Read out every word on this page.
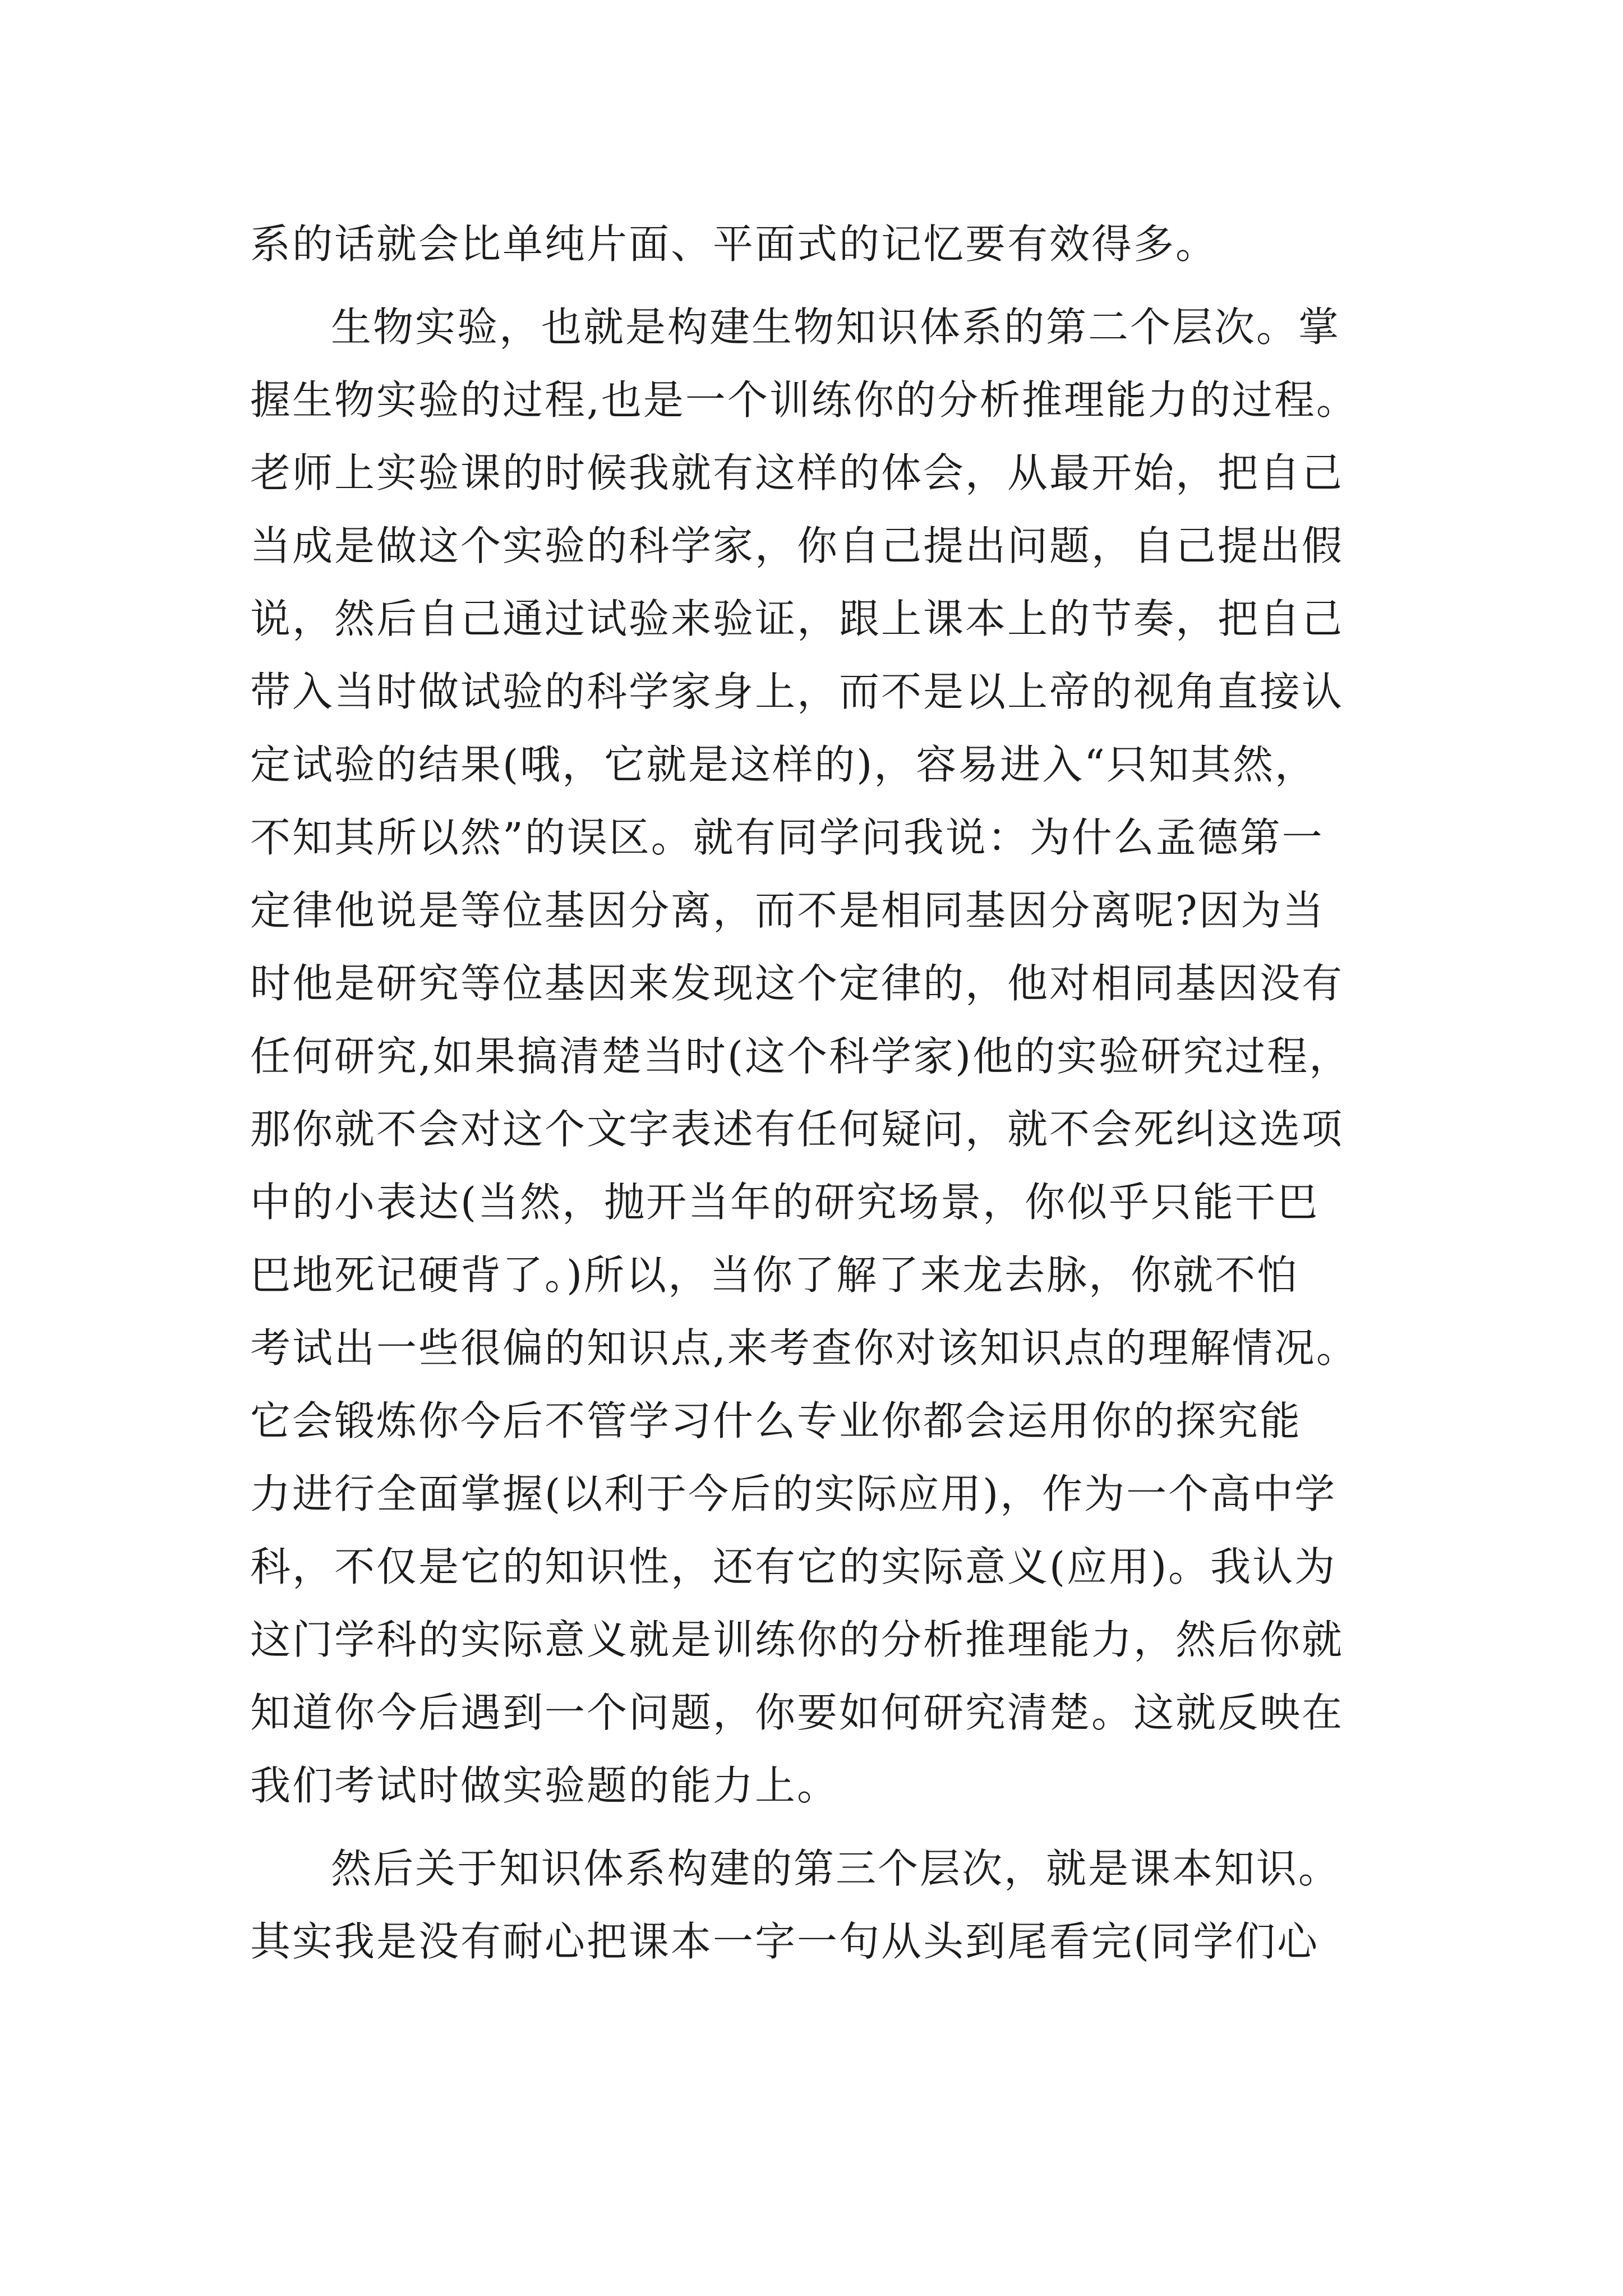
系的话就会比单纯片面、平面式的记忆要有效得多。
生物实验，也就是构建生物知识体系的第二个层次。掌
握生物实验的过程,也是一个训练你的分析推理能力的过程。
老师上实验课的时候我就有这样的体会，从最开始，把自己
当成是做这个实验的科学家，你自己提出问题，自己提出假
说，然后自己通过试验来验证，跟上课本上的节奏，把自己
带入当时做试验的科学家身上，而不是以上帝的视角直接认
定试验的结果(哦，它就是这样的)，容易进入“只知其然，
不知其所以然”的误区。就有同学问我说：为什么孟德第一
定律他说是等位基因分离，而不是相同基因分离呢?因为当
时他是研究等位基因来发现这个定律的，他对相同基因没有
任何研究,如果搞清楚当时(这个科学家)他的实验研究过程，
那你就不会对这个文字表述有任何疑问，就不会死纠这选项
中的小表达(当然，抛开当年的研究场景，你似乎只能干巴
巴地死记硬背了。)所以，当你了解了来龙去脉，你就不怕
考试出一些很偏的知识点,来考查你对该知识点的理解情况。
它会锻炼你今后不管学习什么专业你都会运用你的探究能
力进行全面掌握(以利于今后的实际应用)，作为一个高中学
科，不仅是它的知识性，还有它的实际意义(应用)。我认为
这门学科的实际意义就是训练你的分析推理能力，然后你就
知道你今后遇到一个问题，你要如何研究清楚。这就反映在
我们考试时做实验题的能力上。
然后关于知识体系构建的第三个层次，就是课本知识。
其实我是没有耐心把课本一字一句从头到尾看完(同学们心
